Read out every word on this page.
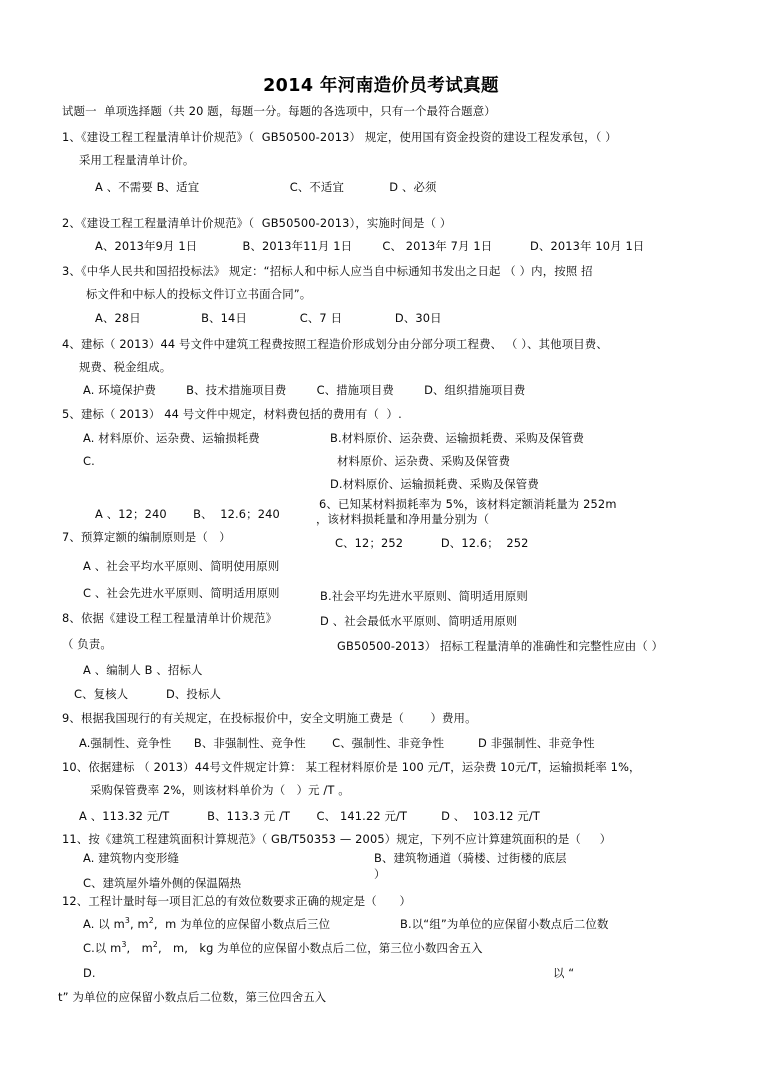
2014 年河南造价员考试真题
试题一  单项选择题（共 20 题，每题一分。每题的各选项中，只有一个最符合题意）
1、《建设工程工程量清单计价规范》（  GB50500-2013） 规定，使用国有资金投资的建设工程发承包，（ ）
采用工程量清单计价。
A 、不需要 B、适宜                        C、不适宜            D 、必须
2、《建设工程工程量清单计价规范》（  GB50500-2013），实施时间是（ ）
A、2013年9月 1日            B、2013年11月 1日        C、 2013年 7月 1日          D、2013年 10月 1日
3、《中华人民共和国招投标法》 规定：“招标人和中标人应当自中标通知书发出之日起 （ ）内，按照 招
标文件和中标人的投标文件订立书面合同”。
A、28日                B、14日              C、7 日              D、30日
4、建标（ 2013）44 号文件中建筑工程费按照工程造价形成划分由分部分项工程费、 （ ）、其他项目费、
规费、税金组成。
A. 环境保护费        B、技术措施项目费        C、措施项目费        D、组织措施项目费
5、建标（ 2013） 44 号文件中规定，材料费包括的费用有（  ）.
A. 材料原价、运杂费、运输损耗费
C.
B.材料原价、运杂费、运输损耗费、采购及保管费
材料原价、运杂费、采购及保管费
D.材料原价、运输损耗费、采购及保管费
A 、12；240       B、  12.6；240
6、已知某材料损耗率为 5%，该材料定额消耗量为 252m
，该材料损耗量和净用量分别为（
C、12；252          D、12.6；  252
7、预算定额的编制原则是（   ）
A 、社会平均水平原则、简明使用原则
C 、社会先进水平原则、简明适用原则	B.社会平均先进水平原则、简明适用原则
D 、社会最低水平原则、简明适用原则
8、依据《建设工程工程量清单计价规范》
（ 负责。	GB50500-2013） 招标工程量清单的准确性和完整性应由（ ）
A 、编制人 B 、招标人
C、复核人          D、投标人
9、根据我国现行的有关规定，在投标报价中，安全文明施工费是（       ）费用。
A.强制性、竞争性      B、非强制性、竞争性       C、强制性、非竞争性         D 非强制性、非竞争性
10、依据建标 （ 2013）44号文件规定计算： 某工程材料原价是 100 元/T，运杂费 10元/T，运输损耗率 1%，
采购保管费率 2%，则该材料单价为（   ）元 /T 。
A 、113.32 元/T          B、113.3 元 /T       C、 141.22 元/T         D 、  103.12 元/T
11、按《建筑工程建筑面积计算规范》（ GB/T50353 — 2005）规定，下列不应计算建筑面积的是（     ）
A. 建筑物内变形缝
C、建筑屋外墙外侧的保温隔热
B、建筑物通道（骑楼、过街楼的底层
）
12、工程计量时每一项目汇总的有效位数要求正确的规定是（      ）
A. 以 $m^3$, $m^2$,  m 为单位的应保留小数点后三位	B.以“组”为单位的应保留小数点后二位数
C.以 $m^3$,   $m^2$,   m,   kg 为单位的应保留小数点后二位，第三位小数四舍五入
D.	以 “
t” 为单位的应保留小数点后二位数，第三位四舍五入
